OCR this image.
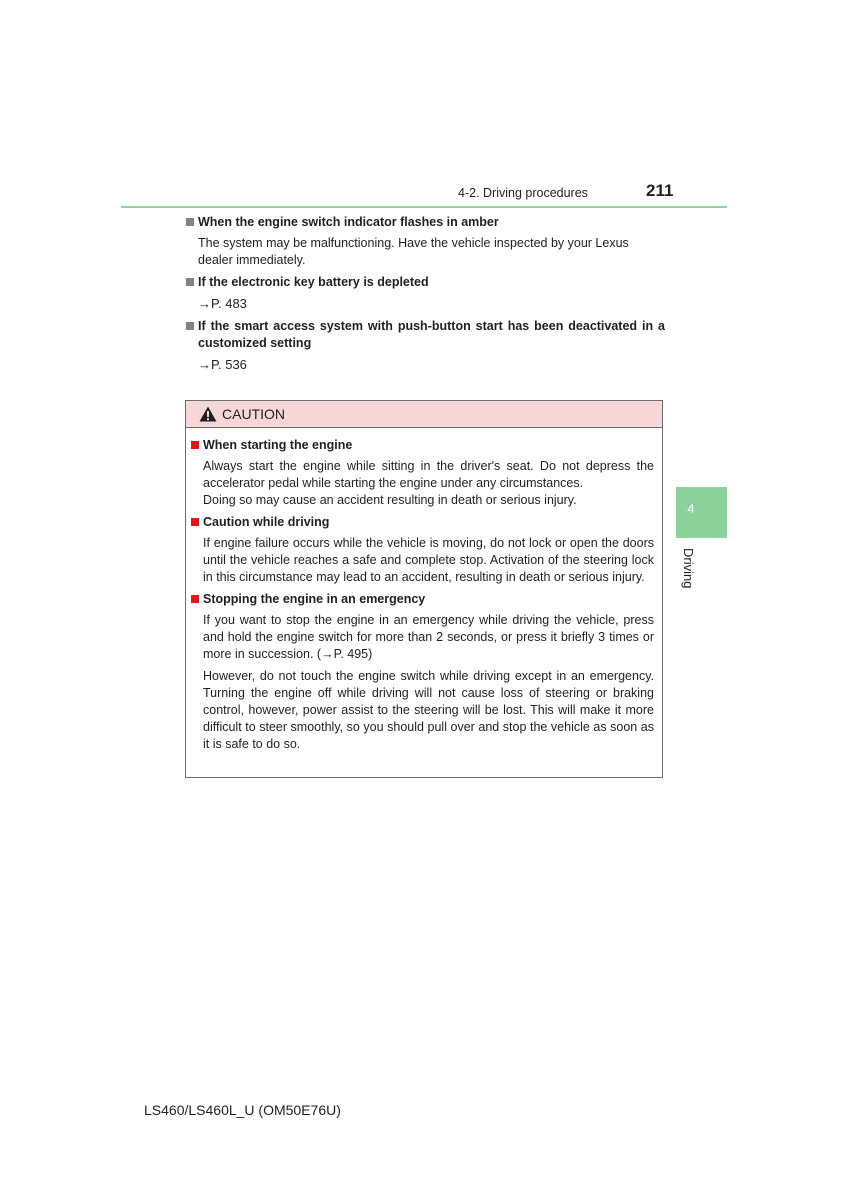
4-2. Driving procedures	211
When the engine switch indicator flashes in amber
The system may be malfunctioning. Have the vehicle inspected by your Lexus dealer immediately.
If the electronic key battery is depleted
→P. 483
If the smart access system with push-button start has been deactivated in a customized setting
→P. 536
CAUTION
When starting the engine
Always start the engine while sitting in the driver's seat. Do not depress the accelerator pedal while starting the engine under any circumstances.
Doing so may cause an accident resulting in death or serious injury.
Caution while driving
If engine failure occurs while the vehicle is moving, do not lock or open the doors until the vehicle reaches a safe and complete stop. Activation of the steering lock in this circumstance may lead to an accident, resulting in death or serious injury.
Stopping the engine in an emergency
If you want to stop the engine in an emergency while driving the vehicle, press and hold the engine switch for more than 2 seconds, or press it briefly 3 times or more in succession. (→P. 495)
However, do not touch the engine switch while driving except in an emergency. Turning the engine off while driving will not cause loss of steering or braking control, however, power assist to the steering will be lost. This will make it more difficult to steer smoothly, so you should pull over and stop the vehicle as soon as it is safe to do so.
4
Driving
LS460/LS460L_U (OM50E76U)
